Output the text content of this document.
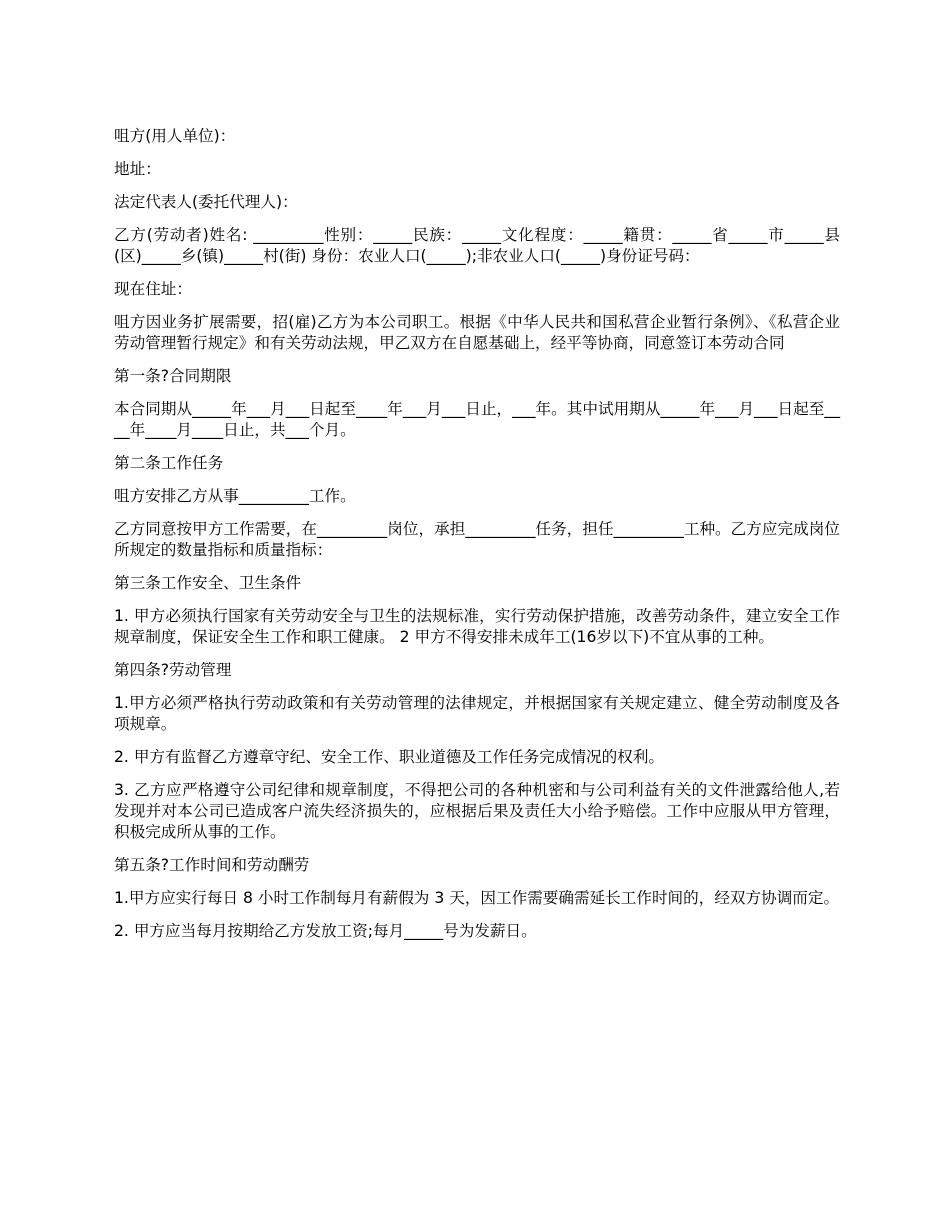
咀方(用人单位)：

地址：

法定代表人(委托代理人)：

乙方(劳动者)姓名: _________性别：_____民族：_____文化程度：_____籍贯：_____省_____市_____县(区)_____乡(镇)_____村(街) 身份：农业人口(_____);非农业人口(_____)身份证号码：

现在住址：

咀方因业务扩展需要，招(雇)乙方为本公司职工。根据《中华人民共和国私营企业暂行条例》、《私营企业劳动管理暂行规定》和有关劳动法规，甲乙双方在自愿基础上，经平等协商，同意签订本劳动合同

第一条?合同期限

本合同期从_____年___月___日起至____年___月___日止，___年。其中试用期从_____年___月___日起至____年____月____日止，共___个月。

第二条工作任务

咀方安排乙方从事_________工作。

乙方同意按甲方工作需要，在_________岗位，承担_________任务，担任_________工种。乙方应完成岗位所规定的数量指标和质量指标：

第三条工作安全、卫生条件

1. 甲方必须执行国家有关劳动安全与卫生的法规标准，实行劳动保护措施，改善劳动条件，建立安全工作规章制度，保证安全生工作和职工健康。 2 甲方不得安排未成年工(16岁以下)不宜从事的工种。

第四条?劳动管理

1.甲方必须严格执行劳动政策和有关劳动管理的法律规定，并根据国家有关规定建立、健全劳动制度及各项规章。

2. 甲方有监督乙方遵章守纪、安全工作、职业道德及工作任务完成情况的权利。

3. 乙方应严格遵守公司纪律和规章制度，不得把公司的各种机密和与公司利益有关的文件泄露给他人,若发现并对本公司已造成客户流失经济损失的，应根据后果及责任大小给予赔偿。工作中应服从甲方管理，积极完成所从事的工作。

第五条?工作时间和劳动酬劳

1.甲方应实行每日 8 小时工作制每月有薪假为 3 天，因工作需要确需延长工作时间的，经双方协调而定。

2. 甲方应当每月按期给乙方发放工资;每月_____号为发薪日。
